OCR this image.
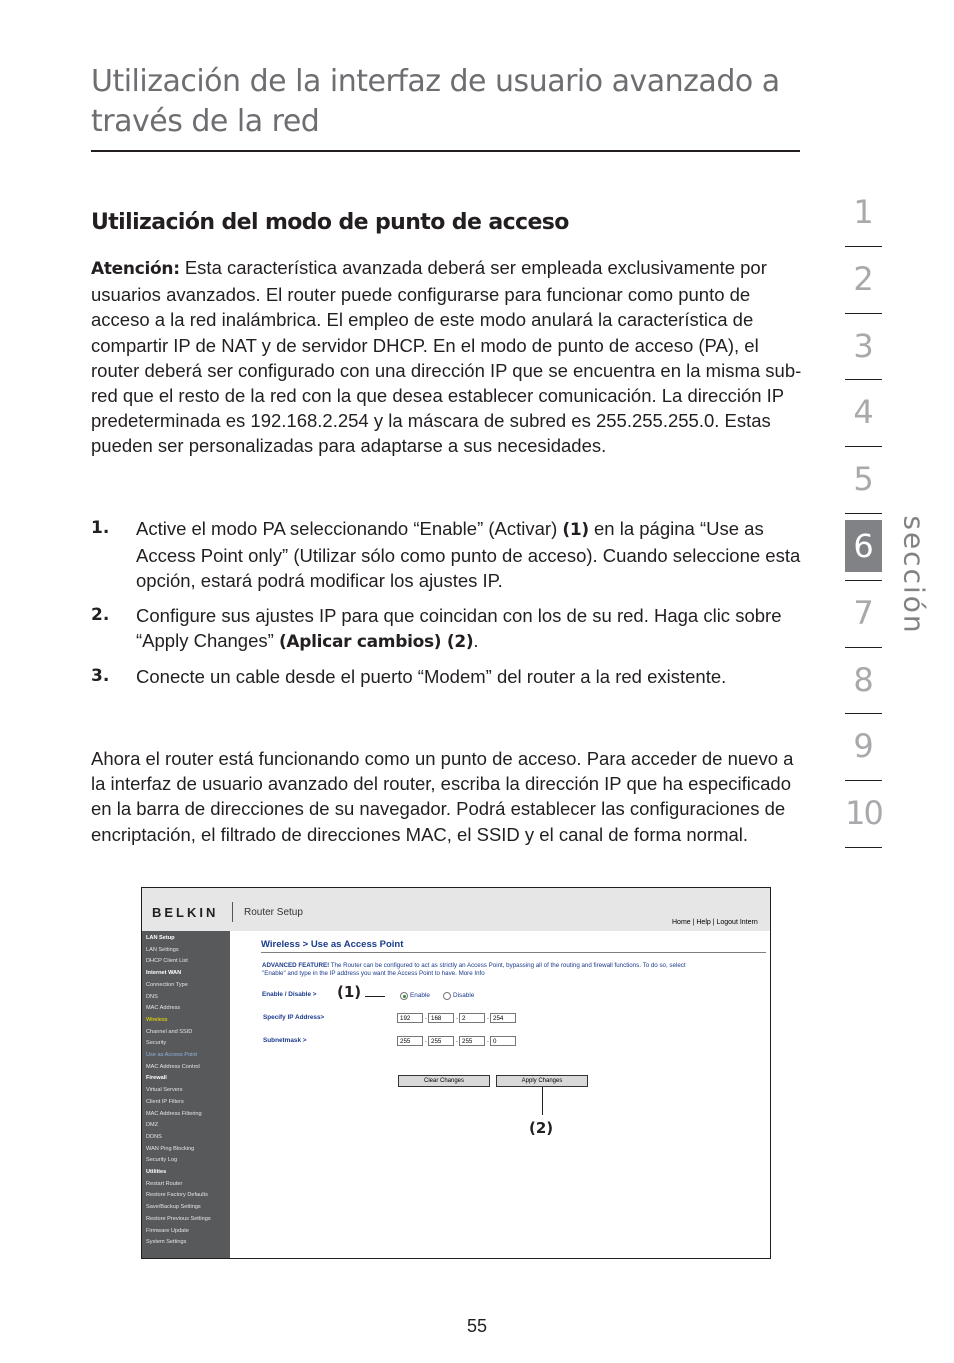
Utilización de la interfaz de usuario avanzado a través de la red
Utilización del modo de punto de acceso
Atención: Esta característica avanzada deberá ser empleada exclusivamente por usuarios avanzados. El router puede configurarse para funcionar como punto de acceso a la red inalámbrica. El empleo de este modo anulará la característica de compartir IP de NAT y de servidor DHCP. En el modo de punto de acceso (PA), el router deberá ser configurado con una dirección IP que se encuentra en la misma sub-red que el resto de la red con la que desea establecer comunicación. La dirección IP predeterminada es 192.168.2.254 y la máscara de subred es 255.255.255.0. Estas pueden ser personalizadas para adaptarse a sus necesidades.
1.	Active el modo PA seleccionando “Enable” (Activar) (1) en la página “Use as Access Point only” (Utilizar sólo como punto de acceso). Cuando seleccione esta opción, estará podrá modificar los ajustes IP.
2.	Configure sus ajustes IP para que coincidan con los de su red. Haga clic sobre “Apply Changes” (Aplicar cambios) (2).
3.	Conecte un cable desde el puerto “Modem” del router a la red existente.
Ahora el router está funcionando como un punto de acceso. Para acceder de nuevo a la interfaz de usuario avanzado del router, escriba la dirección IP que ha especificado en la barra de direcciones de su navegador. Podrá establecer las configuraciones de encriptación, el filtrado de direcciones MAC, el SSID y el canal de forma normal.
BELKIN	Router Setup
Home | Help | Logout Intern
LAN Setup
LAN Settings
DHCP Client List
Internet WAN
Connection Type
DNS
MAC Address
Wireless
Channel and SSID
Security
Use as Access Point
MAC Address Control
Firewall
Virtual Servers
Client IP Filters
MAC Address Filtering
DMZ
DDNS
WAN Ping Blocking
Security Log
Utilities
Restart Router
Restore Factory Defaults
Save/Backup Settings
Restore Previous Settings
Firmware Update
System Settings
Wireless > Use as Access Point
ADVANCED FEATURE! The Router can be configured to act as strictly an Access Point, bypassing all of the routing and firewall functions. To do so, select "Enable" and type in the IP address you want the Access Point to have. More Info
Enable / Disable >	Enable	Disable
Specify IP Address>	192	. 168	. 2	. 254
Subnetmask >	255	. 255	. 255	. 0
Clear Changes	Apply Changes
(1)
(2)
1
2
3
4
5
6
7
8
9
10
sección
55
